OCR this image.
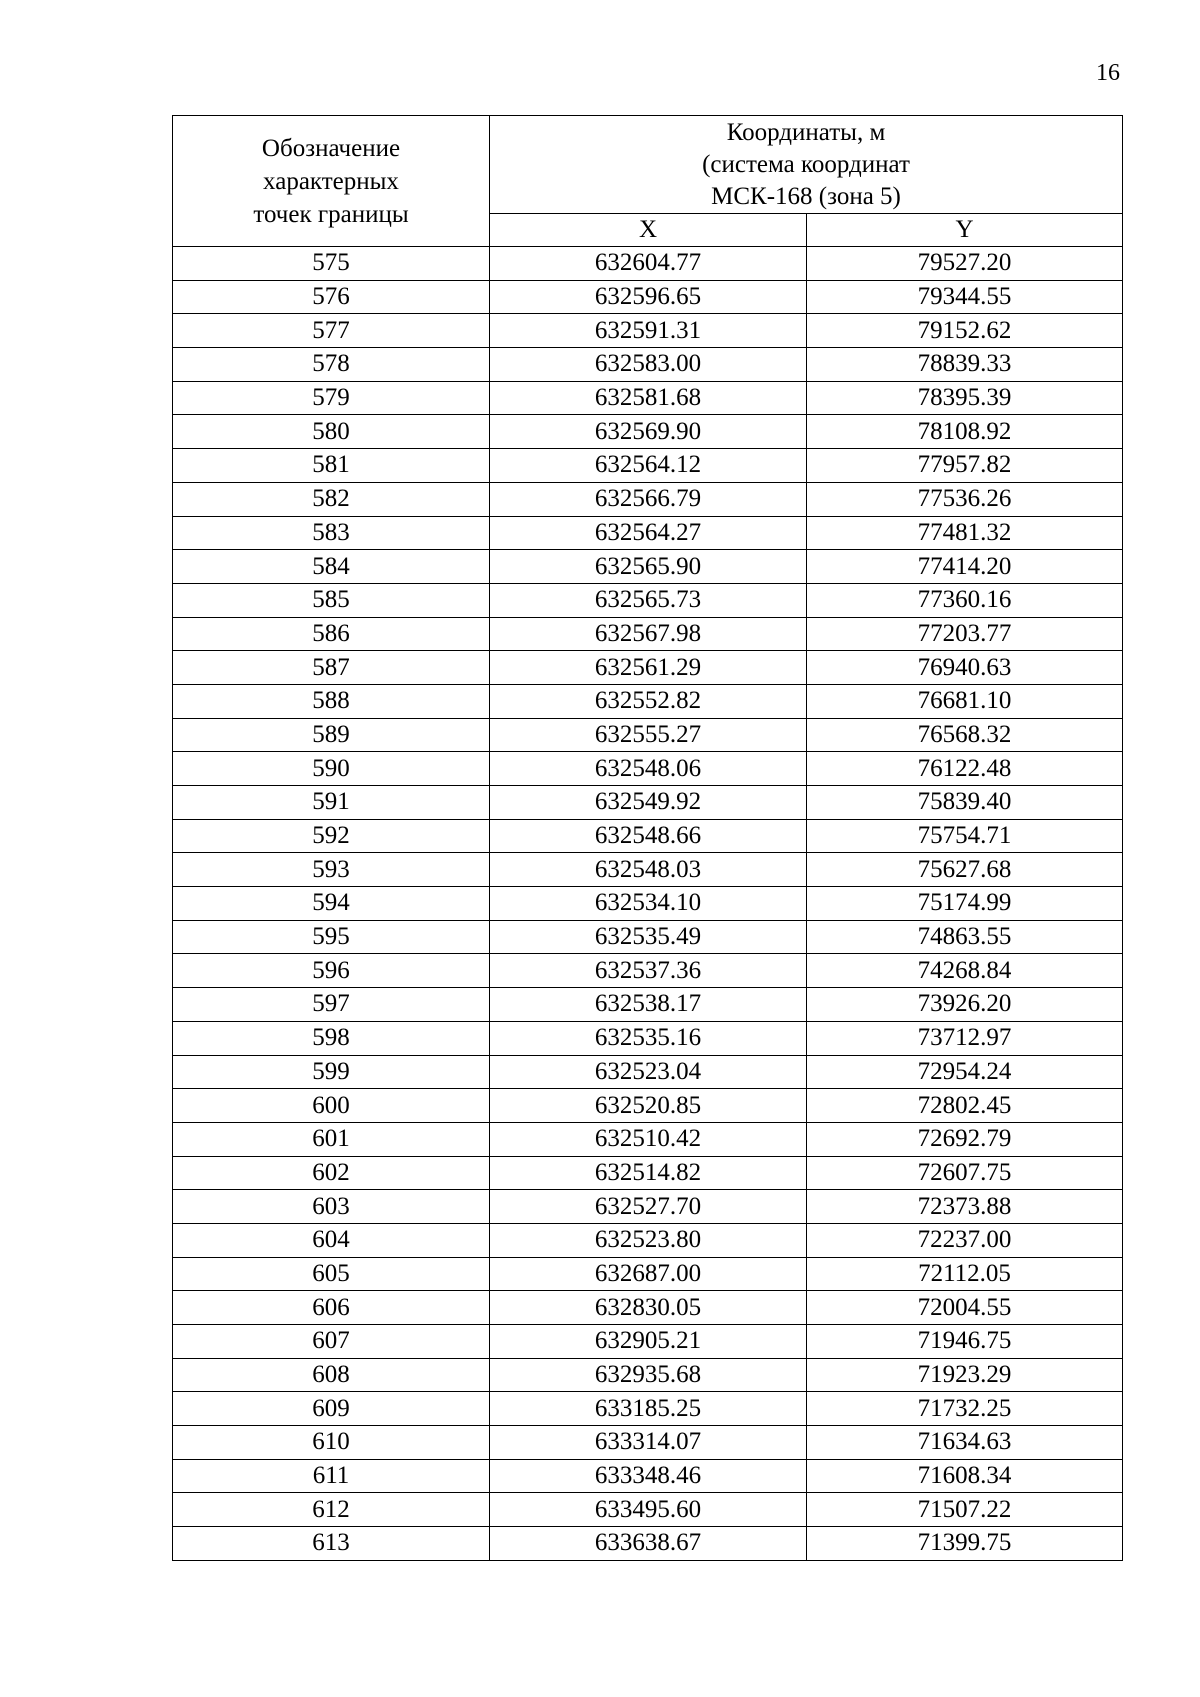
16
Обозначение
характерных
точек границы	Координаты, м
(система координат
МСК-168 (зона 5)	

	X	Y
575	632604.77	79527.20
576	632596.65	79344.55
577	632591.31	79152.62
578	632583.00	78839.33
579	632581.68	78395.39
580	632569.90	78108.92
581	632564.12	77957.82
582	632566.79	77536.26
583	632564.27	77481.32
584	632565.90	77414.20
585	632565.73	77360.16
586	632567.98	77203.77
587	632561.29	76940.63
588	632552.82	76681.10
589	632555.27	76568.32
590	632548.06	76122.48
591	632549.92	75839.40
592	632548.66	75754.71
593	632548.03	75627.68
594	632534.10	75174.99
595	632535.49	74863.55
596	632537.36	74268.84
597	632538.17	73926.20
598	632535.16	73712.97
599	632523.04	72954.24
600	632520.85	72802.45
601	632510.42	72692.79
602	632514.82	72607.75
603	632527.70	72373.88
604	632523.80	72237.00
605	632687.00	72112.05
606	632830.05	72004.55
607	632905.21	71946.75
608	632935.68	71923.29
609	633185.25	71732.25
610	633314.07	71634.63
611	633348.46	71608.34
612	633495.60	71507.22
613	633638.67	71399.75
